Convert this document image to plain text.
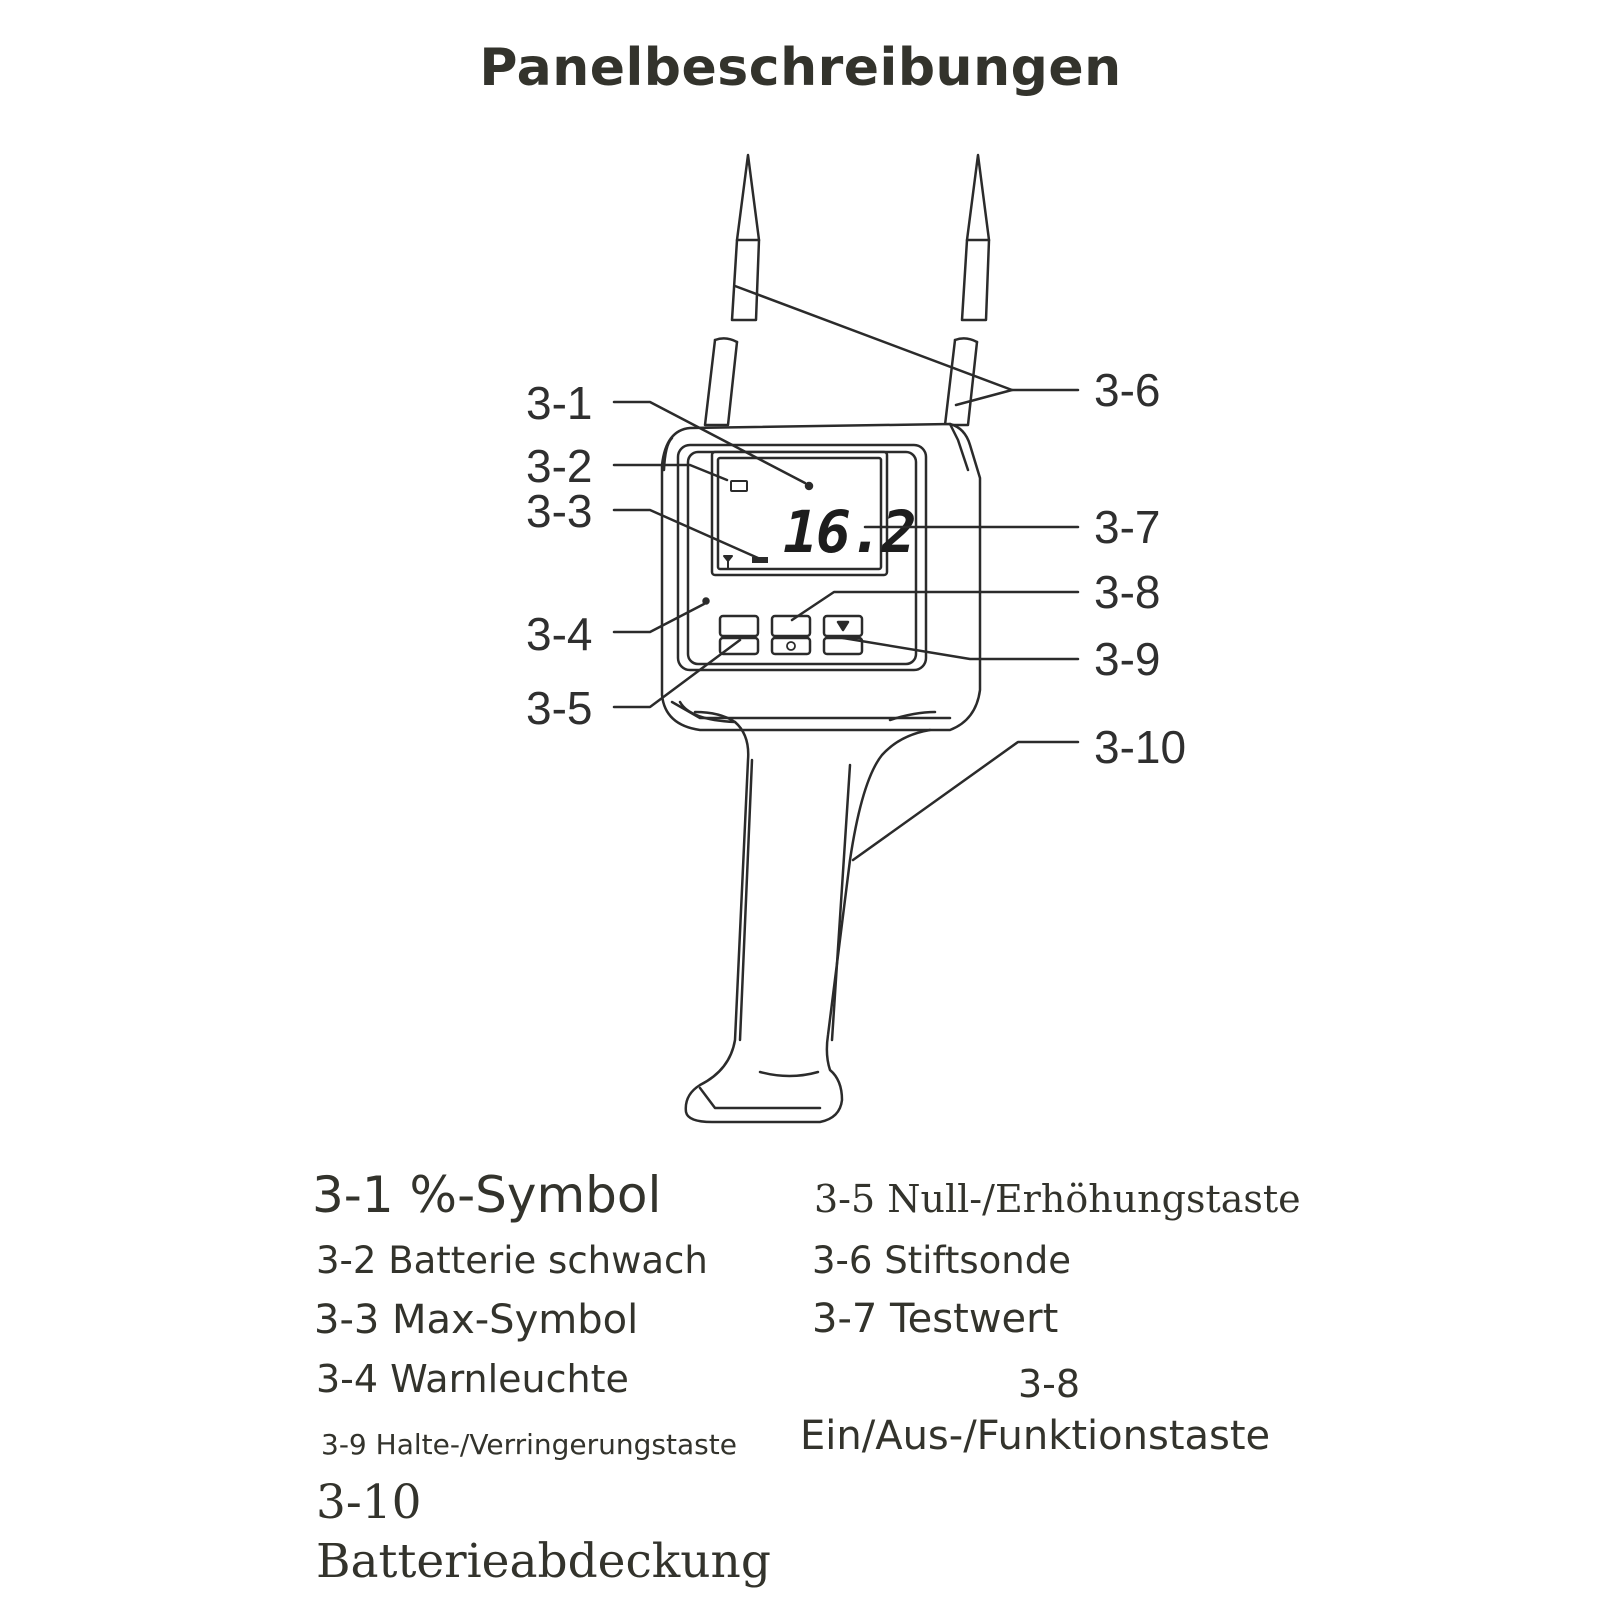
Panelbeschreibungen
16.2
3-1
3-2
3-3
3-4
3-5
3-6
3-7
3-8
3-9
3-10
3-1 %-Symbol
3-2 Batterie schwach
3-3 Max-Symbol
3-4 Warnleuchte
3-5 Null-/Erhöhungstaste
3-6 Stiftsonde
3-7 Testwert
3-8
Ein/Aus-/Funktionstaste
3-9 Halte-/Verringerungstaste
3-10
Batterieabdeckung
